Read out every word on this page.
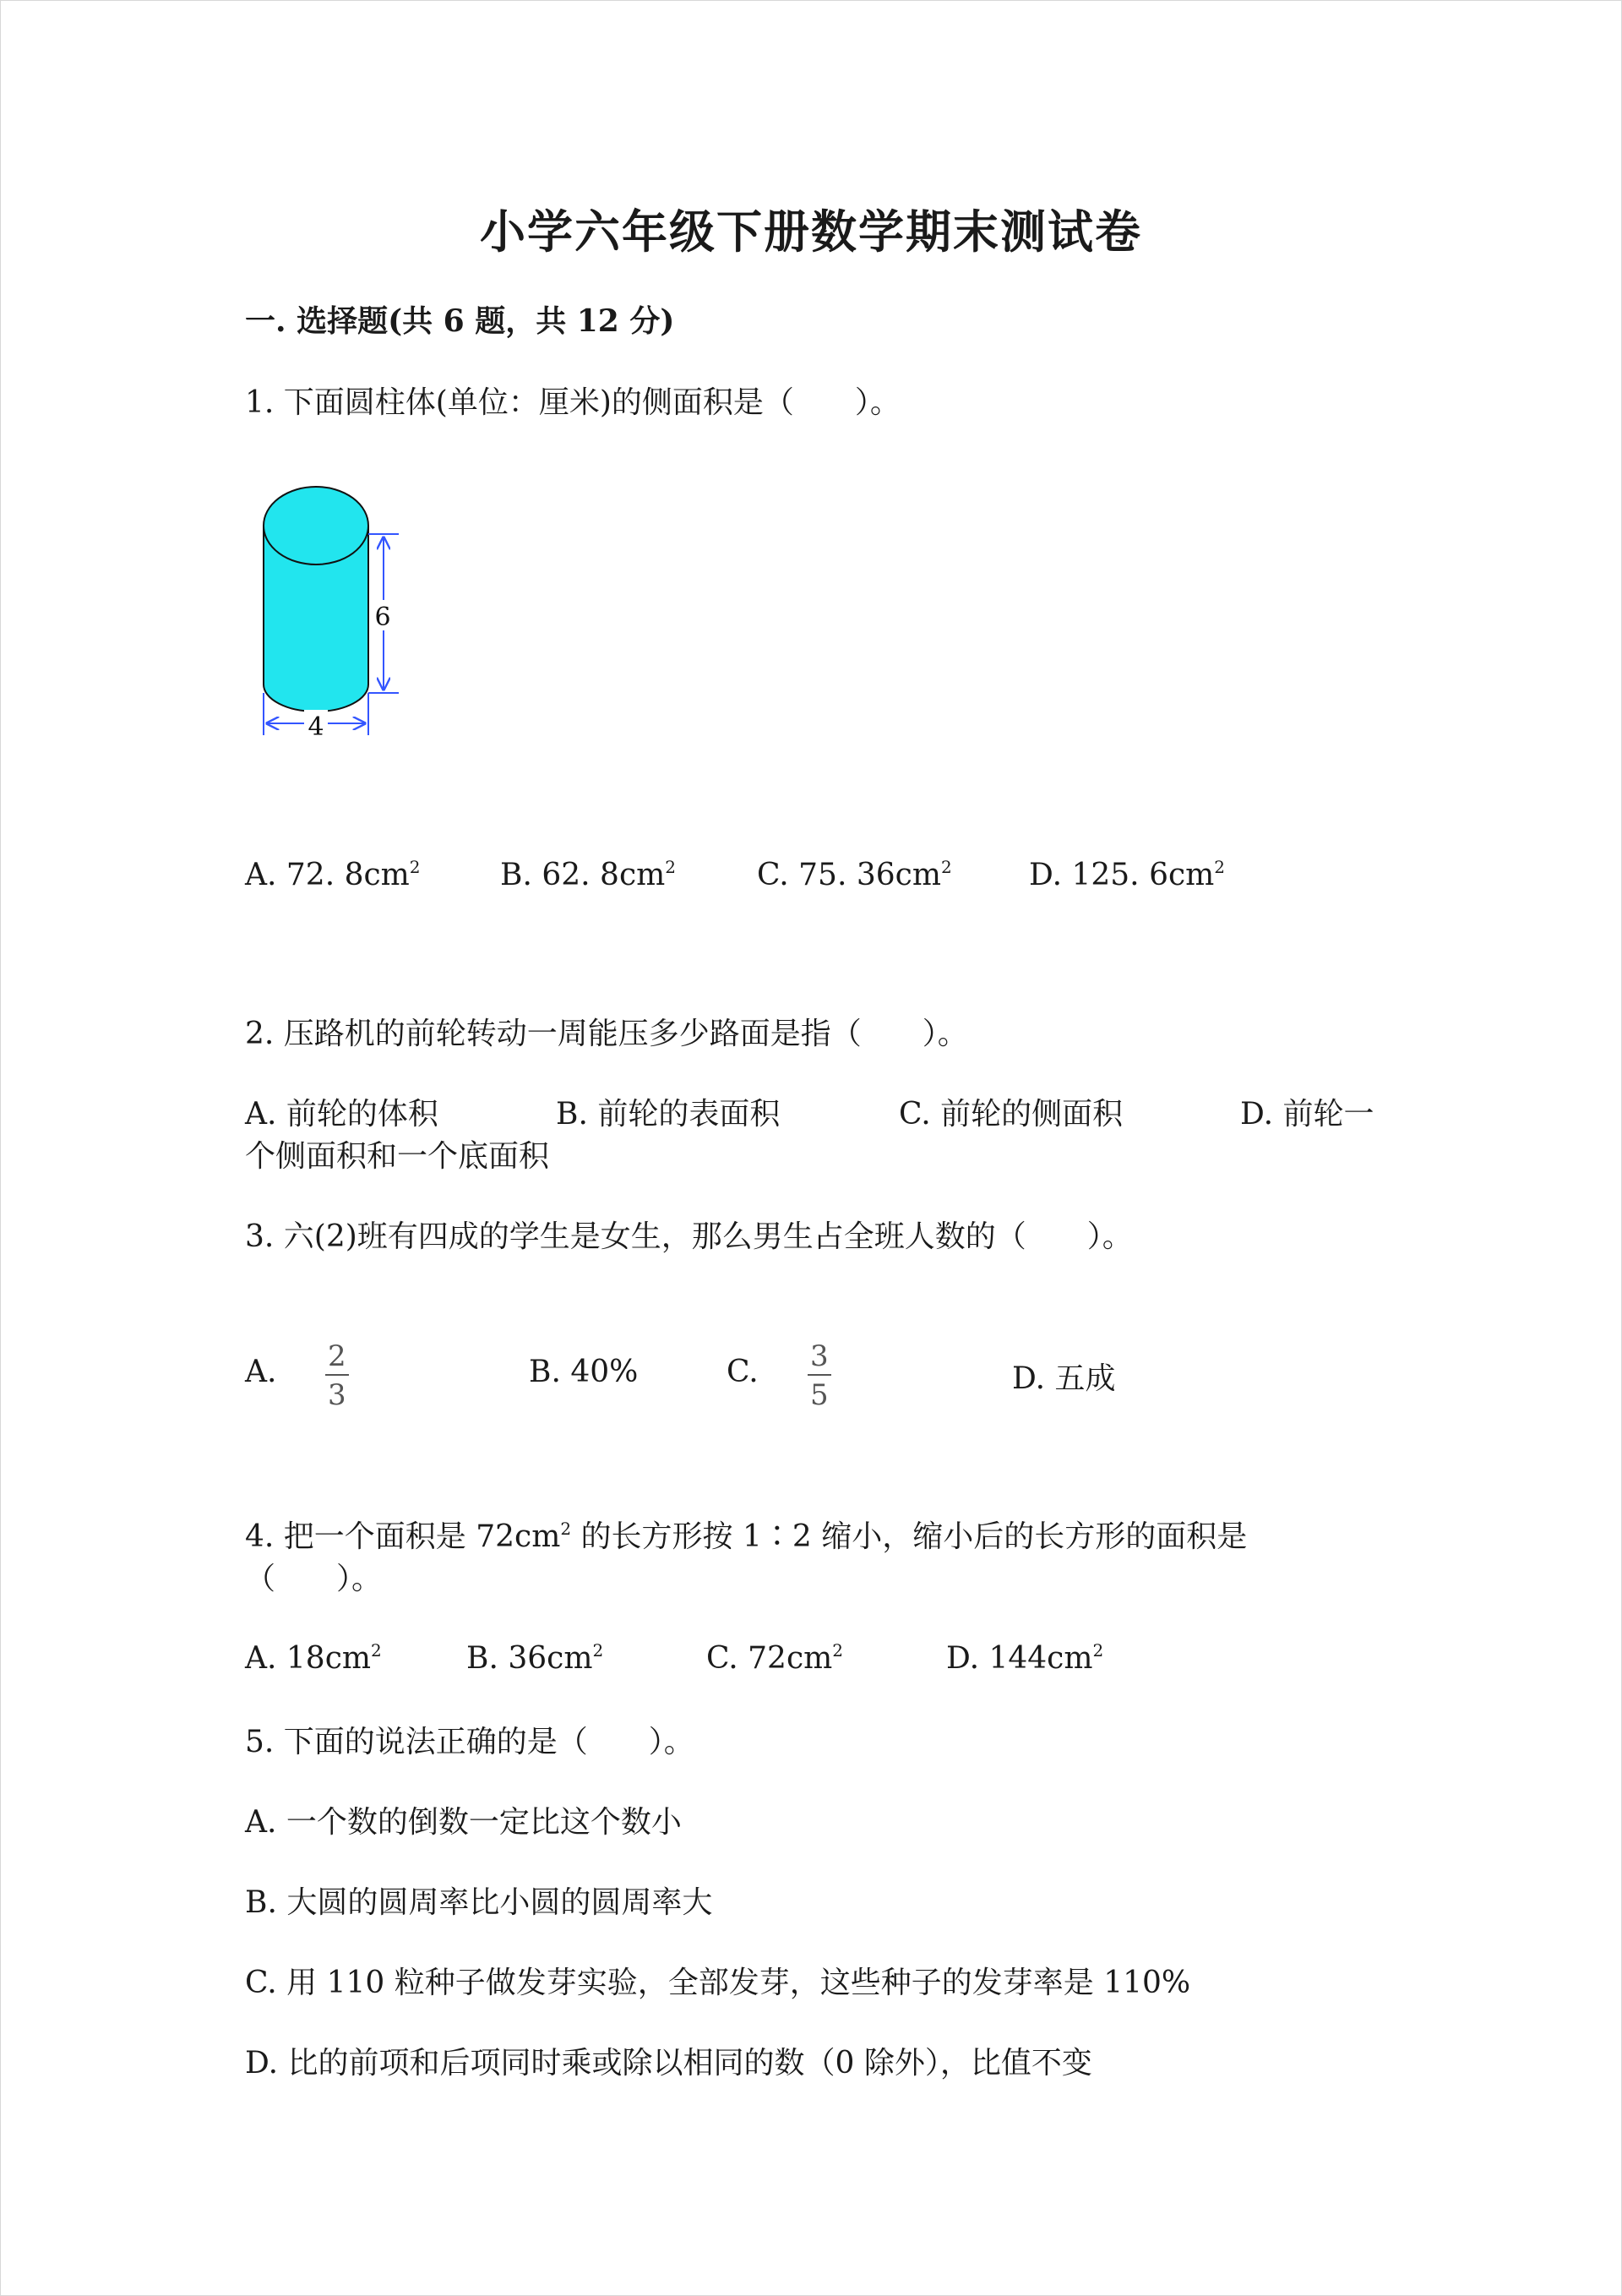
小学六年级下册数学期末测试卷
一. 选择题(共 6 题，共 12 分)
1. 下面圆柱体(单位：厘米)的侧面积是（　　）。
6
4
A. 72. $8cm^2$	B. 62. $8cm^2$	C. 75. $36cm^2$	D. 125. $6cm^2$
2. 压路机的前轮转动一周能压多少路面是指（　　）。
A. 前轮的体积	B. 前轮的表面积	C. 前轮的侧面积	D. 前轮一
个侧面积和一个底面积
3. 六(2)班有四成的学生是女生，那么男生占全班人数的（　　）。
A. 2
3
B. 40%	C. 3
5	D. 五成
4. 把一个面积是 $72cm^2$ 的长方形按 1∶2 缩小，缩小后的长方形的面积是
（　　）。
A. $18cm^2$	B. $36cm^2$	C. $72cm^2$	D. $144cm^2$
5. 下面的说法正确的是（　　）。
A. 一个数的倒数一定比这个数小
B. 大圆的圆周率比小圆的圆周率大
C. 用 110 粒种子做发芽实验，全部发芽，这些种子的发芽率是 110%
D. 比的前项和后项同时乘或除以相同的数（0 除外），比值不变
